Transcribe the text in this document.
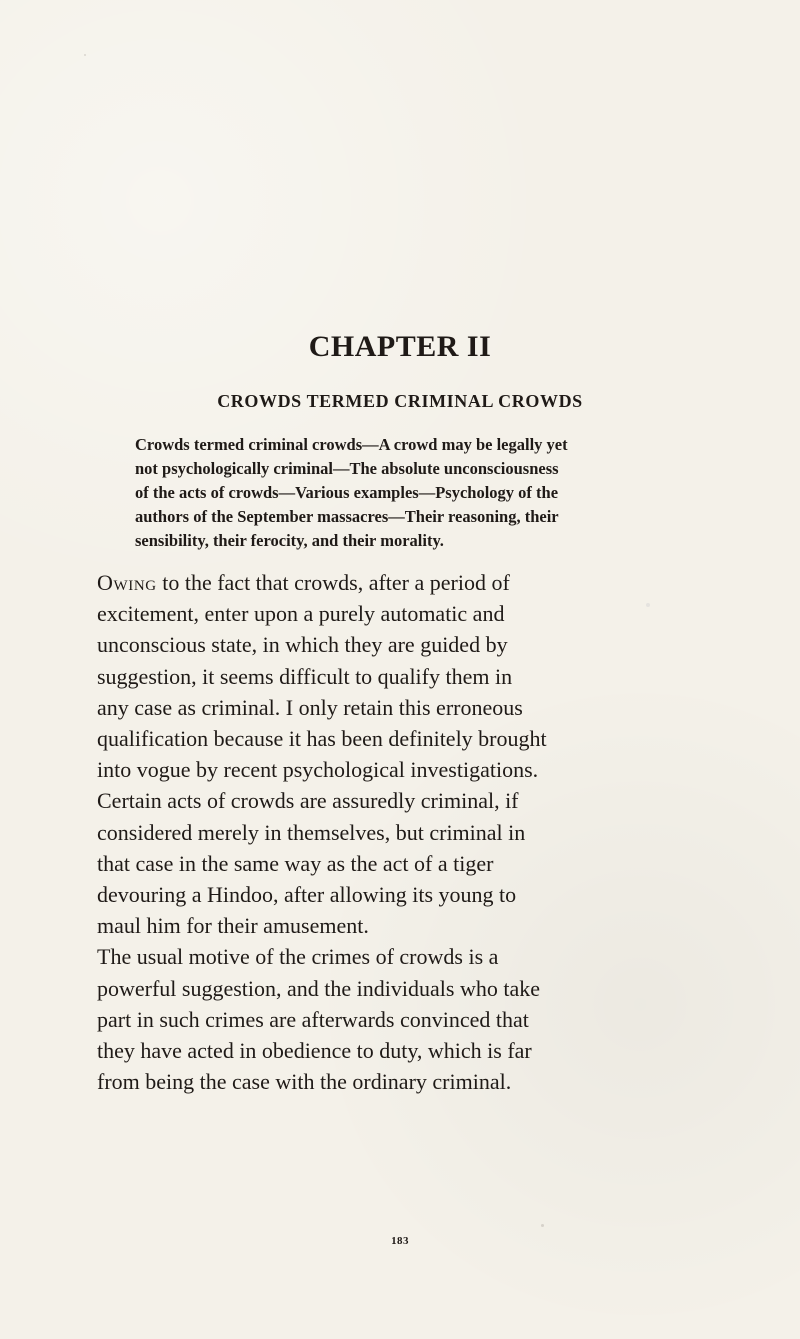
CHAPTER II
CROWDS TERMED CRIMINAL CROWDS
Crowds termed criminal crowds—A crowd may be legally yet
not psychologically criminal—The absolute unconsciousness
of the acts of crowds—Various examples—Psychology of the
authors of the September massacres—Their reasoning, their
sensibility, their ferocity, and their morality.
Owing to the fact that crowds, after a period of
excitement, enter upon a purely automatic and
unconscious state, in which they are guided by
suggestion, it seems difficult to qualify them in
any case as criminal. I only retain this erroneous
qualification because it has been definitely brought
into vogue by recent psychological investigations.
Certain acts of crowds are assuredly criminal, if
considered merely in themselves, but criminal in
that case in the same way as the act of a tiger
devouring a Hindoo, after allowing its young to
maul him for their amusement.
The usual motive of the crimes of crowds is a
powerful suggestion, and the individuals who take
part in such crimes are afterwards convinced that
they have acted in obedience to duty, which is far
from being the case with the ordinary criminal.
183
